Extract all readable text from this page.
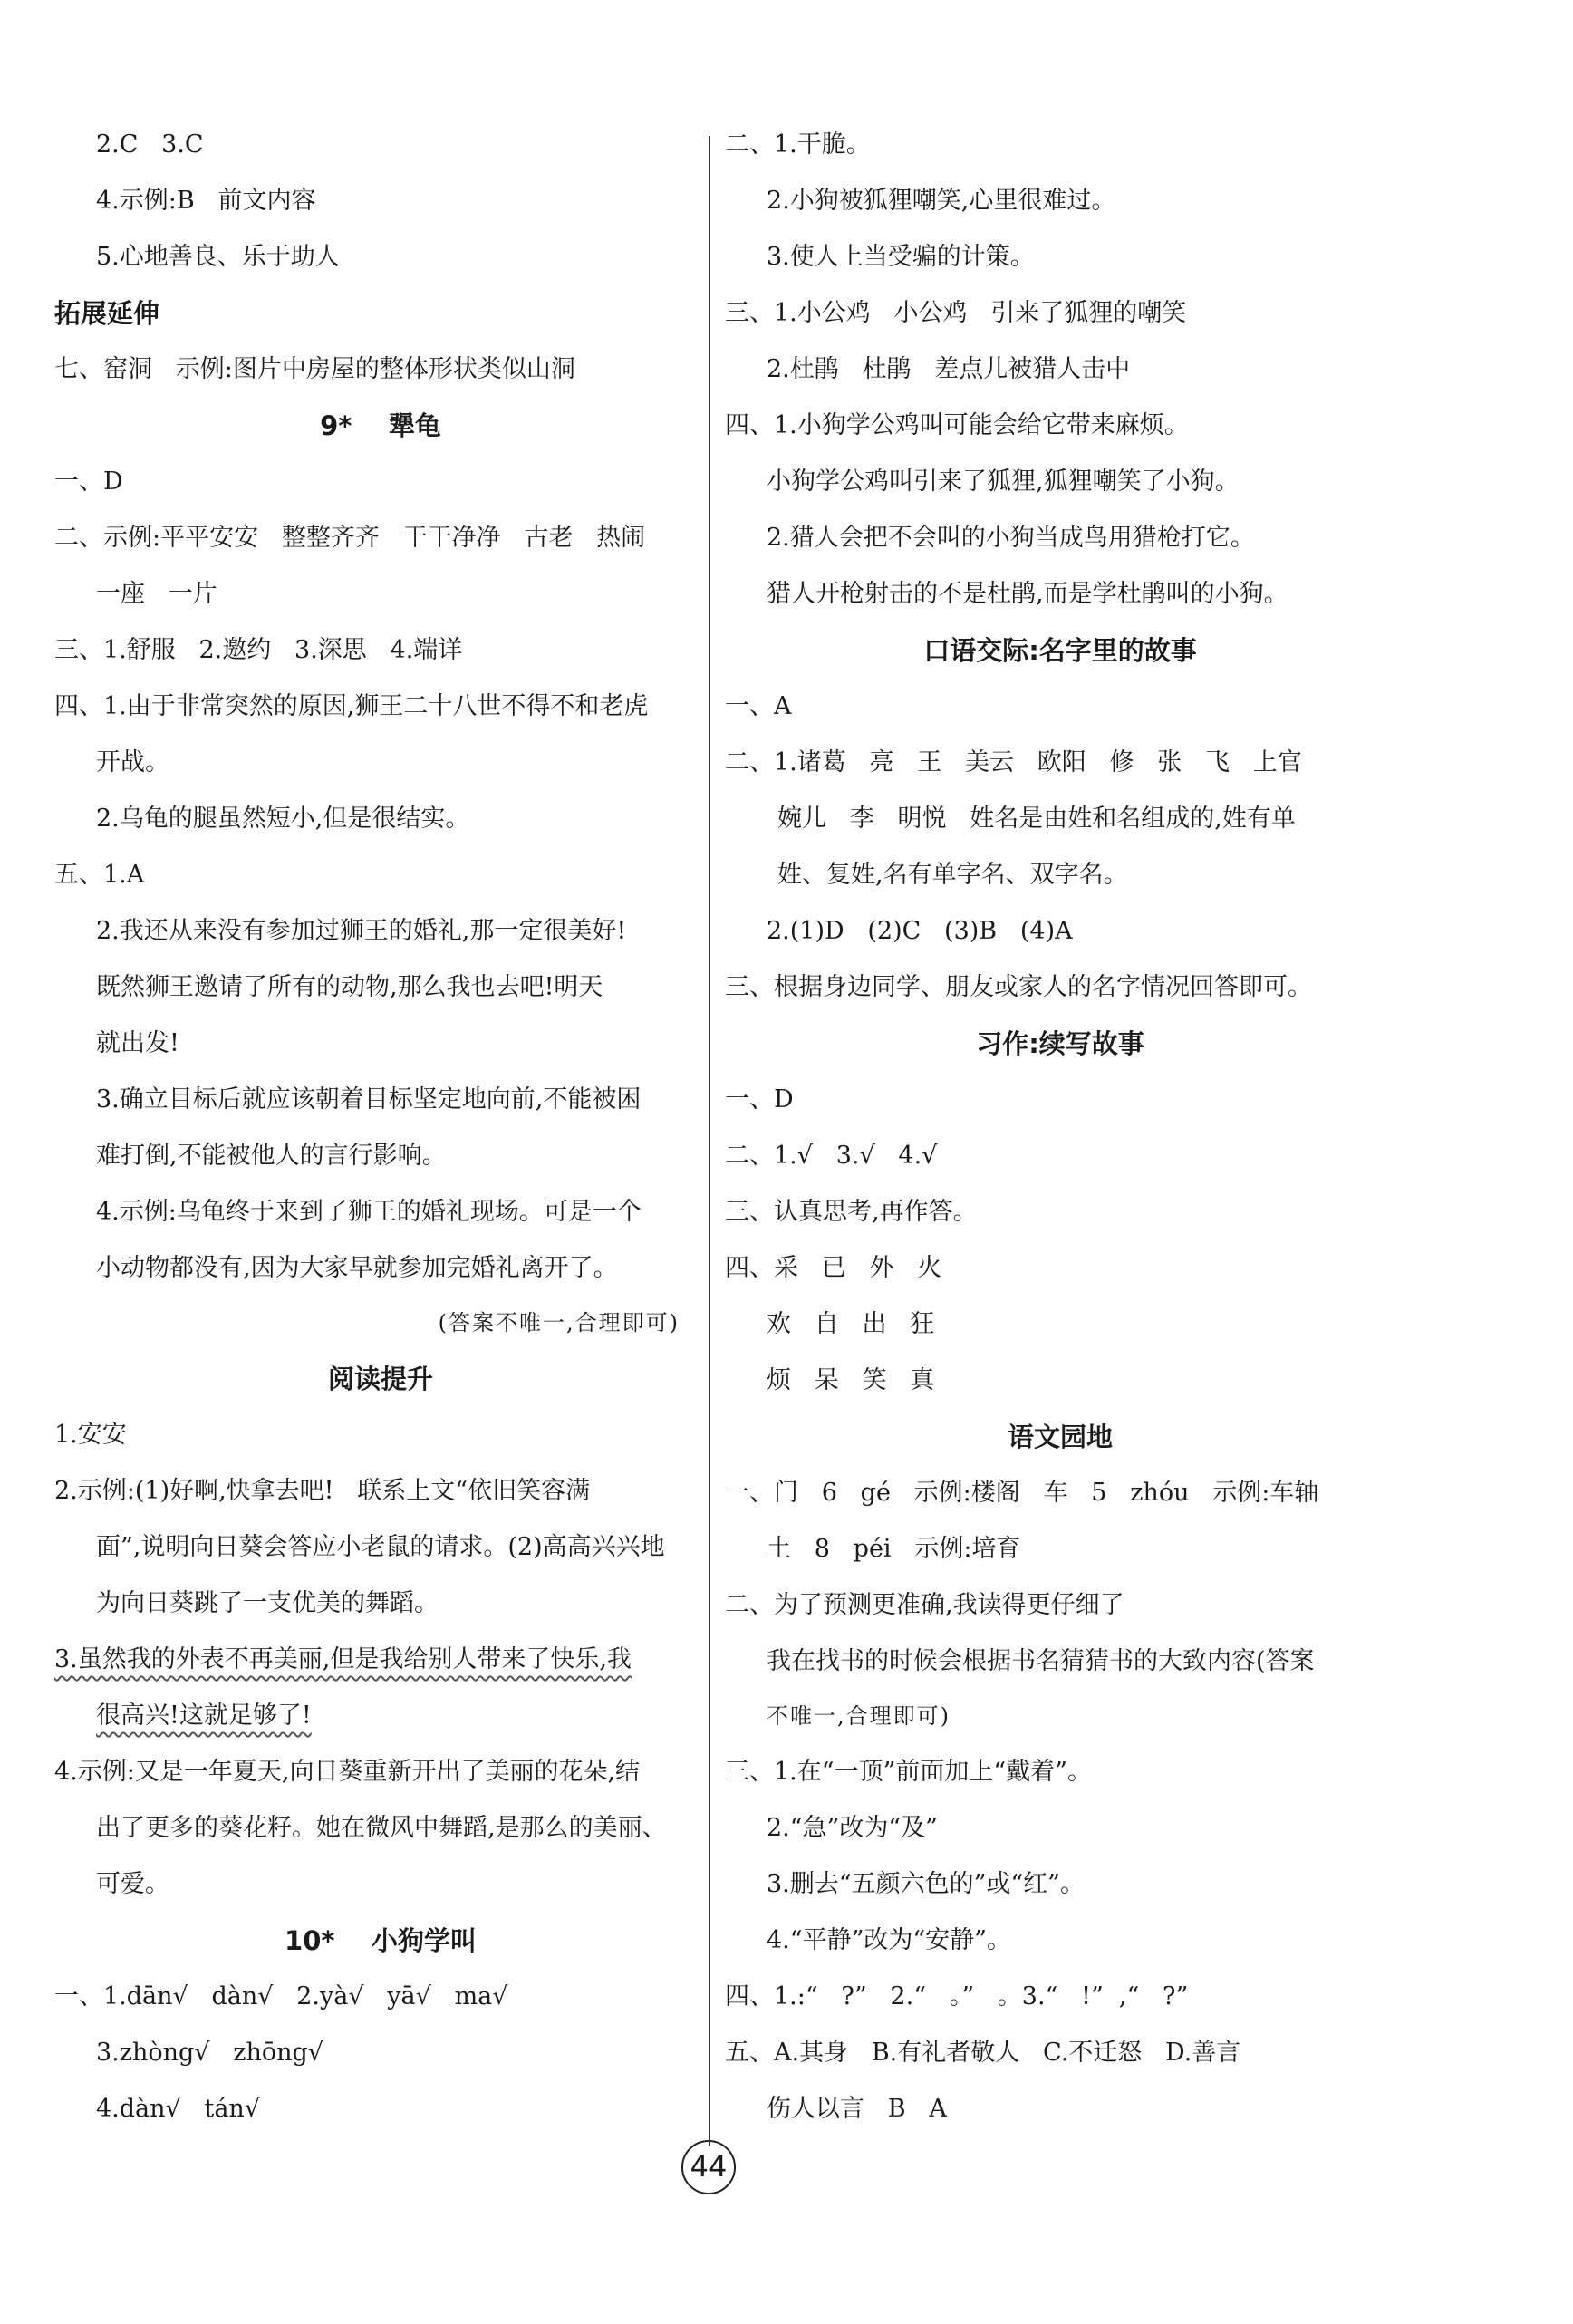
2.C   3.C
4.示例:B   前文内容
5.心地善良、乐于助人
拓展延伸
七、窑洞   示例:图片中房屋的整体形状类似山洞
9*    犟龟
一、D
二、示例:平平安安   整整齐齐   干干净净   古老   热闹
一座   一片
三、1.舒服   2.邀约   3.深思   4.端详
四、1.由于非常突然的原因,狮王二十八世不得不和老虎
开战。
2.乌龟的腿虽然短小,但是很结实。
五、1.A
2.我还从来没有参加过狮王的婚礼,那一定很美好!
既然狮王邀请了所有的动物,那么我也去吧!明天
就出发!
3.确立目标后就应该朝着目标坚定地向前,不能被困
难打倒,不能被他人的言行影响。
4.示例:乌龟终于来到了狮王的婚礼现场。可是一个
小动物都没有,因为大家早就参加完婚礼离开了。
(答案不唯一,合理即可)
阅读提升
1.安安
2.示例:(1)好啊,快拿去吧!   联系上文“依旧笑容满
面”,说明向日葵会答应小老鼠的请求。(2)高高兴兴地
为向日葵跳了一支优美的舞蹈。
3.虽然我的外表不再美丽,但是我给别人带来了快乐,我
很高兴!这就足够了!
4.示例:又是一年夏天,向日葵重新开出了美丽的花朵,结
出了更多的葵花籽。她在微风中舞蹈,是那么的美丽、
可爱。
10*    小狗学叫
一、1.dān√   dàn√   2.yà√   yā√   ma√
3.zhòng√   zhōng√
4.dàn√   tán√
二、1.干脆。
2.小狗被狐狸嘲笑,心里很难过。
3.使人上当受骗的计策。
三、1.小公鸡   小公鸡   引来了狐狸的嘲笑
2.杜鹃   杜鹃   差点儿被猎人击中
四、1.小狗学公鸡叫可能会给它带来麻烦。
小狗学公鸡叫引来了狐狸,狐狸嘲笑了小狗。
2.猎人会把不会叫的小狗当成鸟用猎枪打它。
猎人开枪射击的不是杜鹃,而是学杜鹃叫的小狗。
口语交际:名字里的故事
一、A
二、1.诸葛   亮   王   美云   欧阳   修   张   飞   上官
婉儿   李   明悦   姓名是由姓和名组成的,姓有单
姓、复姓,名有单字名、双字名。
2.(1)D   (2)C   (3)B   (4)A
三、根据身边同学、朋友或家人的名字情况回答即可。
习作:续写故事
一、D
二、1.√   3.√   4.√
三、认真思考,再作答。
四、采   已   外   火
欢   自   出   狂
烦   呆   笑   真
语文园地
一、门   6   gé   示例:楼阁   车   5   zhóu   示例:车轴
土   8   péi   示例:培育
二、为了预测更准确,我读得更仔细了
我在找书的时候会根据书名猜猜书的大致内容(答案
不唯一,合理即可)
三、1.在“一顶”前面加上“戴着”。
2.“急”改为“及”
3.删去“五颜六色的”或“红”。
4.“平静”改为“安静”。
四、1.:“   ?”   2.“   。”   。3.“   !”  ,“   ?”
五、A.其身   B.有礼者敬人   C.不迁怒   D.善言
伤人以言   B   A
44
